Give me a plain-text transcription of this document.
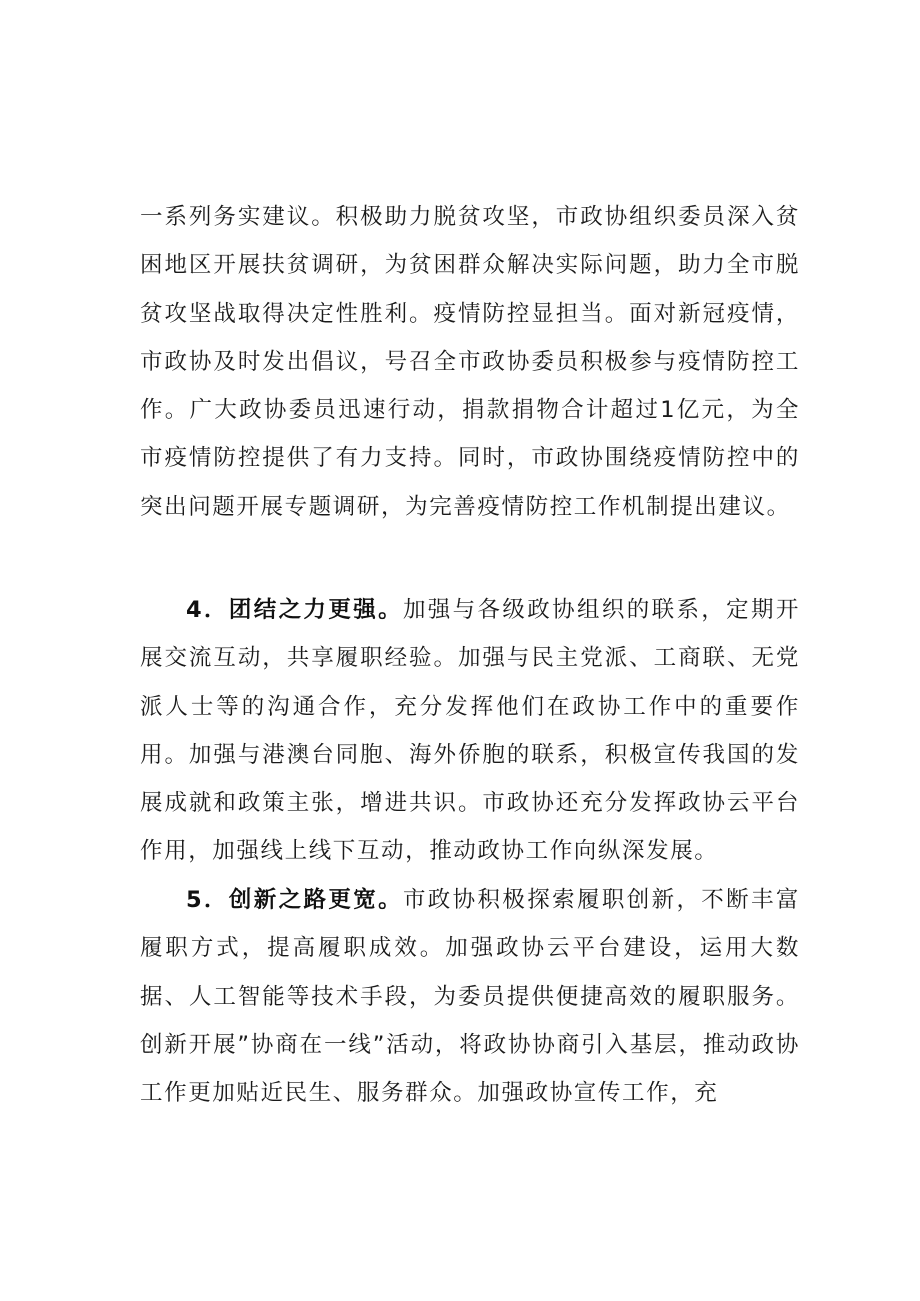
一系列务实建议。积极助力脱贫攻坚，市政协组织委员深入贫困地区开展扶贫调研，为贫困群众解决实际问题，助力全市脱贫攻坚战取得决定性胜利。疫情防控显担当。面对新冠疫情，市政协及时发出倡议，号召全市政协委员积极参与疫情防控工作。广大政协委员迅速行动，捐款捐物合计超过1亿元，为全市疫情防控提供了有力支持。同时，市政协围绕疫情防控中的突出问题开展专题调研，为完善疫情防控工作机制提出建议。

4．团结之力更强。加强与各级政协组织的联系，定期开展交流互动，共享履职经验。加强与民主党派、工商联、无党派人士等的沟通合作，充分发挥他们在政协工作中的重要作用。加强与港澳台同胞、海外侨胞的联系，积极宣传我国的发展成就和政策主张，增进共识。市政协还充分发挥政协云平台作用，加强线上线下互动，推动政协工作向纵深发展。

5．创新之路更宽。市政协积极探索履职创新，不断丰富履职方式，提高履职成效。加强政协云平台建设，运用大数据、人工智能等技术手段，为委员提供便捷高效的履职服务。创新开展”协商在一线”活动，将政协协商引入基层，推动政协工作更加贴近民生、服务群众。加强政协宣传工作，充
